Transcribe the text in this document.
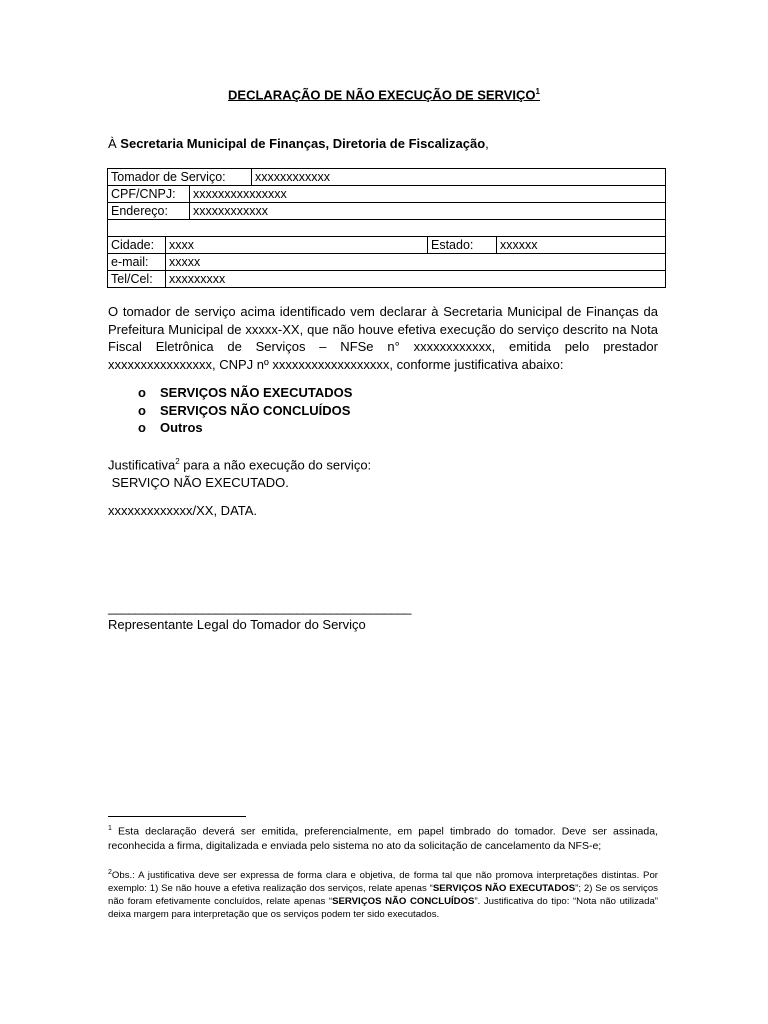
DECLARAÇÃO DE NÃO EXECUÇÃO DE SERVIÇO$^1$
À Secretaria Municipal de Finanças, Diretoria de Fiscalização,
Tomador de Serviço:	xxxxxxxxxxxx
CPF/CNPJ:	xxxxxxxxxxxxxxx
Endereço:	xxxxxxxxxxxx
Cidade:	xxxx	Estado:	xxxxxx
e-mail:	xxxxx
Tel/Cel:	xxxxxxxxx
O tomador de serviço acima identificado vem declarar à Secretaria Municipal de Finanças da Prefeitura Municipal de xxxxx-XX, que não houve efetiva execução do serviço descrito na Nota Fiscal Eletrônica de Serviços – NFSe n° xxxxxxxxxxxx, emitida pelo prestador xxxxxxxxxxxxxxxx, CNPJ nº xxxxxxxxxxxxxxxxxx, conforme justificativa abaixo:
o	SERVIÇOS NÃO EXECUTADOS
o	SERVIÇOS NÃO CONCLUÍDOS
o	Outros
Justificativa$^2$ para a não execução do serviço:
SERVIÇO NÃO EXECUTADO.
xxxxxxxxxxxxx/XX, DATA.
_____________________________________________
Representante Legal do Tomador do Serviço
$^1$ Esta declaração deverá ser emitida, preferencialmente, em papel timbrado do tomador. Deve ser assinada, reconhecida a firma, digitalizada e enviada pelo sistema no ato da solicitação de cancelamento da NFS-e;
$^2$Obs.: A justificativa deve ser expressa de forma clara e objetiva, de forma tal que não promova interpretações distintas. Por exemplo: 1) Se não houve a efetiva realização dos serviços, relate apenas “SERVIÇOS NÃO EXECUTADOS”; 2) Se os serviços não foram efetivamente concluídos, relate apenas “SERVIÇOS NÃO CONCLUÍDOS”. Justificativa do tipo: “Nota não utilizada” deixa margem para interpretação que os serviços podem ter sido executados.
